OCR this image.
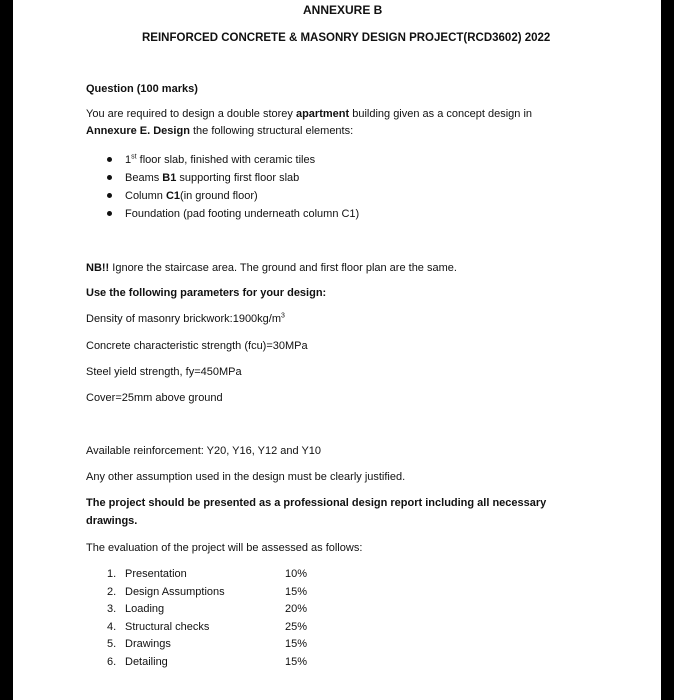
ANNEXURE B
REINFORCED CONCRETE & MASONRY DESIGN PROJECT(RCD3602) 2022
Question (100 marks)
You are required to design a double storey apartment building given as a concept design in
Annexure E. Design the following structural elements:
1st floor slab, finished with ceramic tiles
Beams B1 supporting first floor slab
Column C1(in ground floor)
Foundation (pad footing underneath column C1)
NB!! Ignore the staircase area. The ground and first floor plan are the same.
Use the following parameters for your design:
Density of masonry $brickwork:1900kg/m^3$
Concrete characteristic strength (fcu)=30MPa
Steel yield strength, fy=450MPa
Cover=25mm above ground
Available reinforcement: Y20, Y16, Y12 and Y10
Any other assumption used in the design must be clearly justified.
The project should be presented as a professional design report including all necessary
drawings.
The evaluation of the project will be assessed as follows:
1. Presentation	10%
2. Design Assumptions	15%
3. Loading	20%
4. Structural checks	25%
5. Drawings	15%
6. Detailing	15%
